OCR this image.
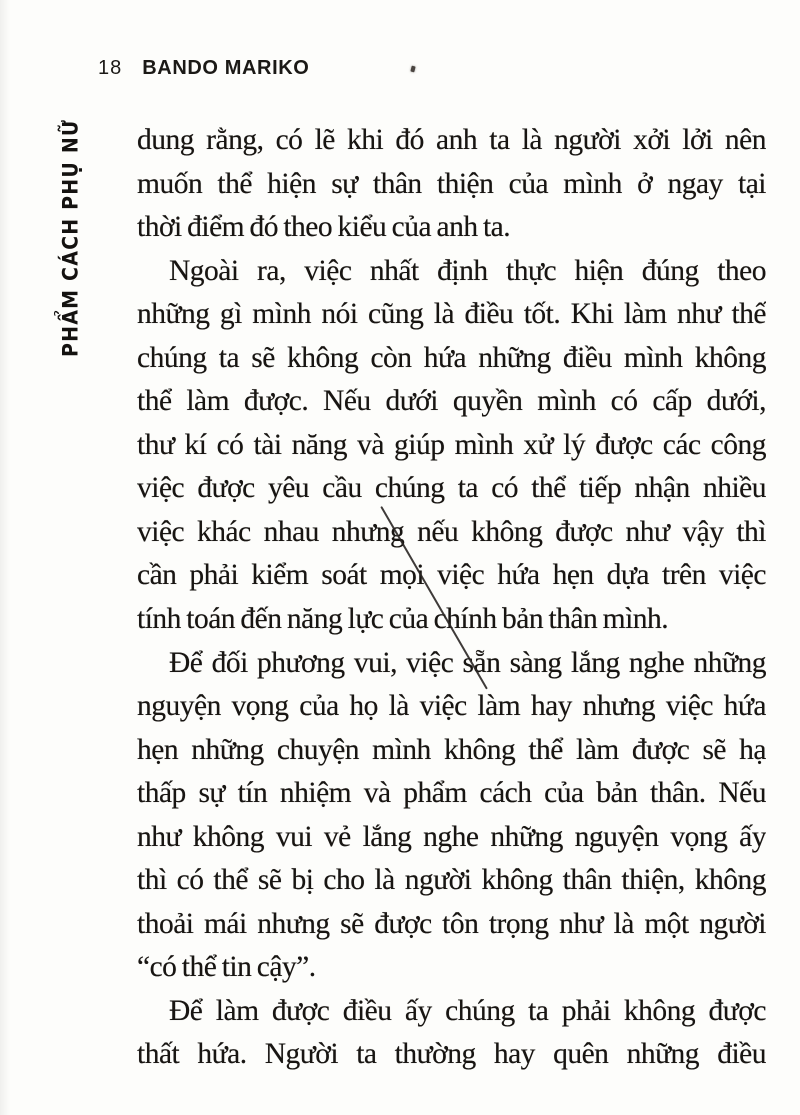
18 BANDO MARIKO
PHẨM CÁCH PHỤ NỮ dung rằng, có lẽ khi đó anh ta là người xởi lởi nên
muốn thể hiện sự thân thiện của mình ở ngay tại
thời điểm đó theo kiểu của anh ta.
Ngoài ra, việc nhất định thực hiện đúng theo
những gì mình nói cũng là điều tốt. Khi làm như thế
chúng ta sẽ không còn hứa những điều mình không
thể làm được. Nếu dưới quyền mình có cấp dưới,
thư kí có tài năng và giúp mình xử lý được các công
việc được yêu cầu chúng ta có thể tiếp nhận nhiều
việc khác nhau nhưng nếu không được như vậy thì
cần phải kiểm soát mọi việc hứa hẹn dựa trên việc
tính toán đến năng lực của chính bản thân mình.
Để đối phương vui, việc sẵn sàng lắng nghe những
nguyện vọng của họ là việc làm hay nhưng việc hứa
hẹn những chuyện mình không thể làm được sẽ hạ
thấp sự tín nhiệm và phẩm cách của bản thân. Nếu
như không vui vẻ lắng nghe những nguyện vọng ấy
thì có thể sẽ bị cho là người không thân thiện, không
thoải mái nhưng sẽ được tôn trọng như là một người
“có thể tin cậy”.
Để làm được điều ấy chúng ta phải không được
thất hứa. Người ta thường hay quên những điều
